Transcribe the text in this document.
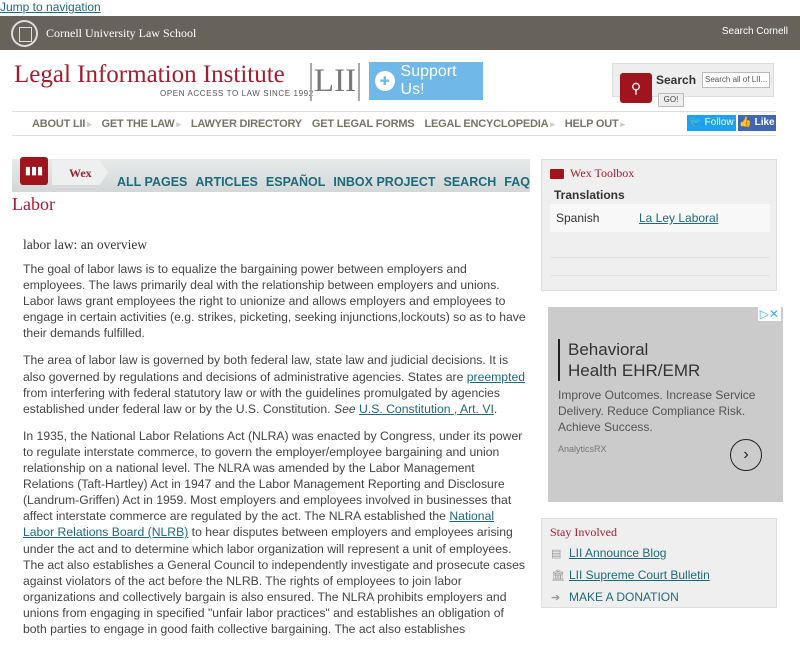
Jump to navigation
Cornell University Law School	Search Cornell
Legal Information Institute
OPEN ACCESS TO LAW SINCE 1992 LII	✚
Support Us!	⚲	Search	Search all of LII...
GO!
ABOUT LII ▸ GET THE LAW ▸ LAWYER DIRECTORY GET LEGAL FORMS LEGAL ENCYCLOPEDIA ▸ HELP OUT ▸	🐦 Follow 👍 Like
▮▮▮	Wex
ALL PAGES ARTICLES ESPAÑOL INBOX PROJECT SEARCH FAQ
Labor
labor law: an overview

The goal of labor laws is to equalize the bargaining power between employers and employees. The laws primarily deal with the relationship between employers and unions. Labor laws grant employees the right to unionize and allows employers and employees to engage in certain activities (e.g. strikes, picketing, seeking injunctions,lockouts) so as to have their demands fulfilled.

The area of labor law is governed by both federal law, state law and judicial decisions. It is also governed by regulations and decisions of administrative agencies. States are preempted from interfering with federal statutory law or with the guidelines promulgated by agencies established under federal law or by the U.S. Constitution. See U.S. Constitution , Art. VI.

In 1935, the National Labor Relations Act (NLRA) was enacted by Congress, under its power to regulate interstate commerce, to govern the employer/employee bargaining and union relationship on a national level. The NLRA was amended by the Labor Management Relations (Taft-Hartley) Act in 1947 and the Labor Management Reporting and Disclosure (Landrum-Griffen) Act in 1959. Most employers and employees involved in businesses that affect interstate commerce are regulated by the act. The NLRA established the National Labor Relations Board (NLRB) to hear disputes between employers and employees arising under the act and to determine which labor organization will represent a unit of employees. The act also establishes a General Council to independently investigate and prosecute cases against violators of the act before the NLRB. The rights of employees to join labor organizations and collectively bargain is also ensured. The NLRA prohibits employers and unions from engaging in specified "unfair labor practices" and establishes an obligation of both parties to engage in good faith collective bargaining. The act also establishes

Wex Toolbox
Translations
Spanish	La Ley Laboral
▷✕
Behavioral
Health EHR/EMR
Improve Outcomes. Increase Service Delivery. Reduce Compliance Risk. Achieve Success.
AnalyticsRX	›
Stay Involved
▤ LII Announce Blog
🏛 LII Supreme Court Bulletin
➔ MAKE A DONATION
